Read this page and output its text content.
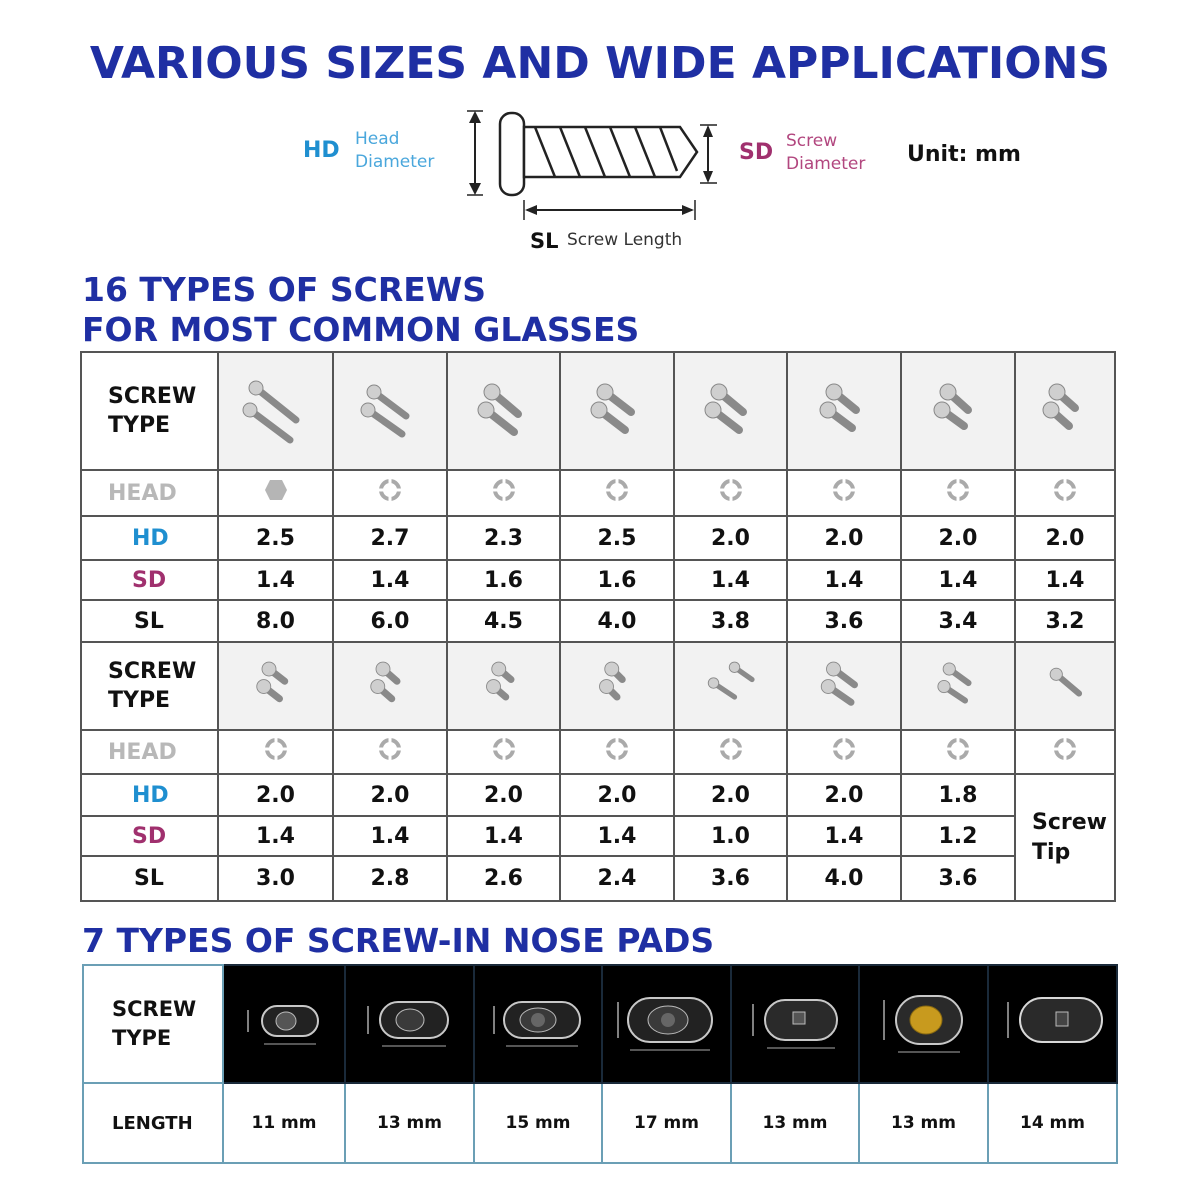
VARIOUS SIZES AND WIDE APPLICATIONS
HD Head
Diameter	SD Screw
Diameter	Unit: mm
SL Screw Length
16 TYPES OF SCREWS
FOR MOST COMMON GLASSES
SCREW
TYPE

HEAD								
HD	2.5	2.7	2.3	2.5	2.0	2.0	2.0	2.0
SD	1.4	1.4	1.6	1.6	1.4	1.4	1.4	1.4
SL	8.0	6.0	4.5	4.0	3.8	3.6	3.4	3.2

SCREW
TYPE

HEAD								
HD	2.0	2.0	2.0	2.0	2.0	2.0	1.8	Screw
Tip

SD	1.4	1.4	1.4	1.4	1.0	1.4	1.2	
SL	3.0	2.8	2.6	2.4	3.6	4.0	3.6	
7 TYPES OF SCREW-IN NOSE PADS
SCREW
TYPE

LENGTH	11 mm	13 mm	15 mm	17 mm	13 mm	13 mm	14 mm
